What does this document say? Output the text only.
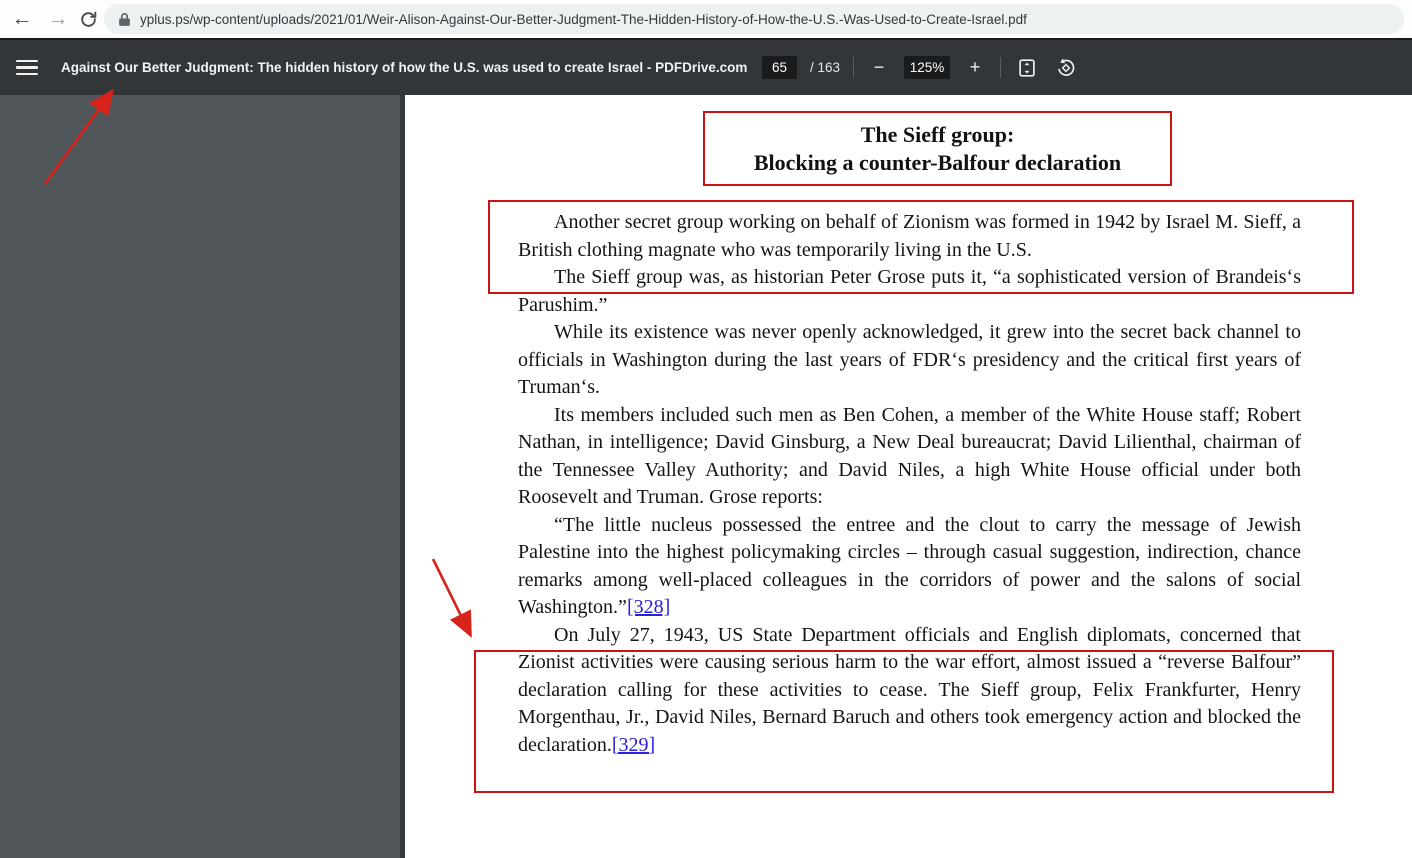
← →	yplus.ps/wp-content/uploads/2021/01/Weir-Alison-Against-Our-Better-Judgment-The-Hidden-History-of-How-the-U.S.-Was-Used-to-Create-Israel.pdf
Against Our Better Judgment: The hidden history of how the U.S. was used to create Israel - PDFDrive.com
65	/ 163	−
125%	+
The Sieff group:
Blocking a counter-Balfour declaration

Another secret group working on behalf of Zionism was formed in 1942 by Israel M. Sieff, a British clothing magnate who was temporarily living in the U.S.

The Sieff group was, as historian Peter Grose puts it, “a sophisticated version of Brandeis‘s Parushim.”

While its existence was never openly acknowledged, it grew into the secret back channel to officials in Washington during the last years of FDR‘s presidency and the critical first years of Truman‘s.

Its members included such men as Ben Cohen, a member of the White House staff; Robert Nathan, in intelligence; David Ginsburg, a New Deal bureaucrat; David Lilienthal, chairman of the Tennessee Valley Authority; and David Niles, a high White House official under both Roosevelt and Truman. Grose reports:

“The little nucleus possessed the entree and the clout to carry the message of Jewish Palestine into the highest policymaking circles – through casual suggestion, indirection, chance remarks among well-placed colleagues in the corridors of power and the salons of social Washington.”[328]

On July 27, 1943, US State Department officials and English diplomats, concerned that Zionist activities were causing serious harm to the war effort, almost issued a “reverse Balfour” declaration calling for these activities to cease. The Sieff group, Felix Frankfurter, Henry Morgenthau, Jr., David Niles, Bernard Baruch and others took emergency action and blocked the declaration.[329]
